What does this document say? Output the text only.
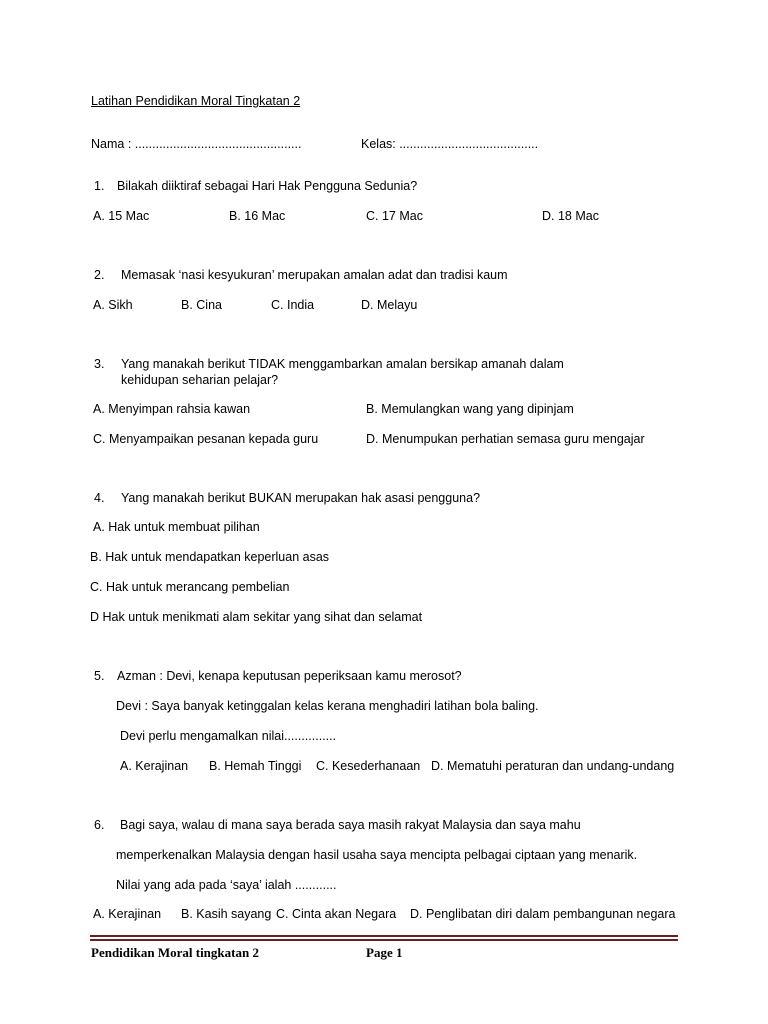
Latihan Pendidikan Moral Tingkatan 2
Nama : ................................................	Kelas: ........................................
1. Bilakah diiktiraf sebagai Hari Hak Pengguna Sedunia?
A. 15 Mac	B. 16 Mac	C. 17 Mac	D. 18 Mac
2. Memasak ‘nasi kesyukuran’ merupakan amalan adat dan tradisi kaum
A. Sikh	B. Cina	C. India	D. Melayu
3. Yang manakah berikut TIDAK menggambarkan amalan bersikap amanah dalam
kehidupan seharian pelajar?
A. Menyimpan rahsia kawan	B. Memulangkan wang yang dipinjam
C. Menyampaikan pesanan kepada guru	D. Menumpukan perhatian semasa guru mengajar
4. Yang manakah berikut BUKAN merupakan hak asasi pengguna?
A. Hak untuk membuat pilihan
B. Hak untuk mendapatkan keperluan asas
C. Hak untuk merancang pembelian
D Hak untuk menikmati alam sekitar yang sihat dan selamat
5. Azman : Devi, kenapa keputusan peperiksaan kamu merosot?
Devi : Saya banyak ketinggalan kelas kerana menghadiri latihan bola baling.
Devi perlu mengamalkan nilai...............
A. Kerajinan B. Hemah Tinggi C. Kesederhanaan D. Mematuhi peraturan dan undang-undang
6. Bagi saya, walau di mana saya berada saya masih rakyat Malaysia dan saya mahu
memperkenalkan Malaysia dengan hasil usaha saya mencipta pelbagai ciptaan yang menarik.
Nilai yang ada pada ‘saya’ ialah ............
A. Kerajinan B. Kasih sayang C. Cinta akan Negara D. Penglibatan diri dalam pembangunan negara
Pendidikan Moral tingkatan 2	Page 1
